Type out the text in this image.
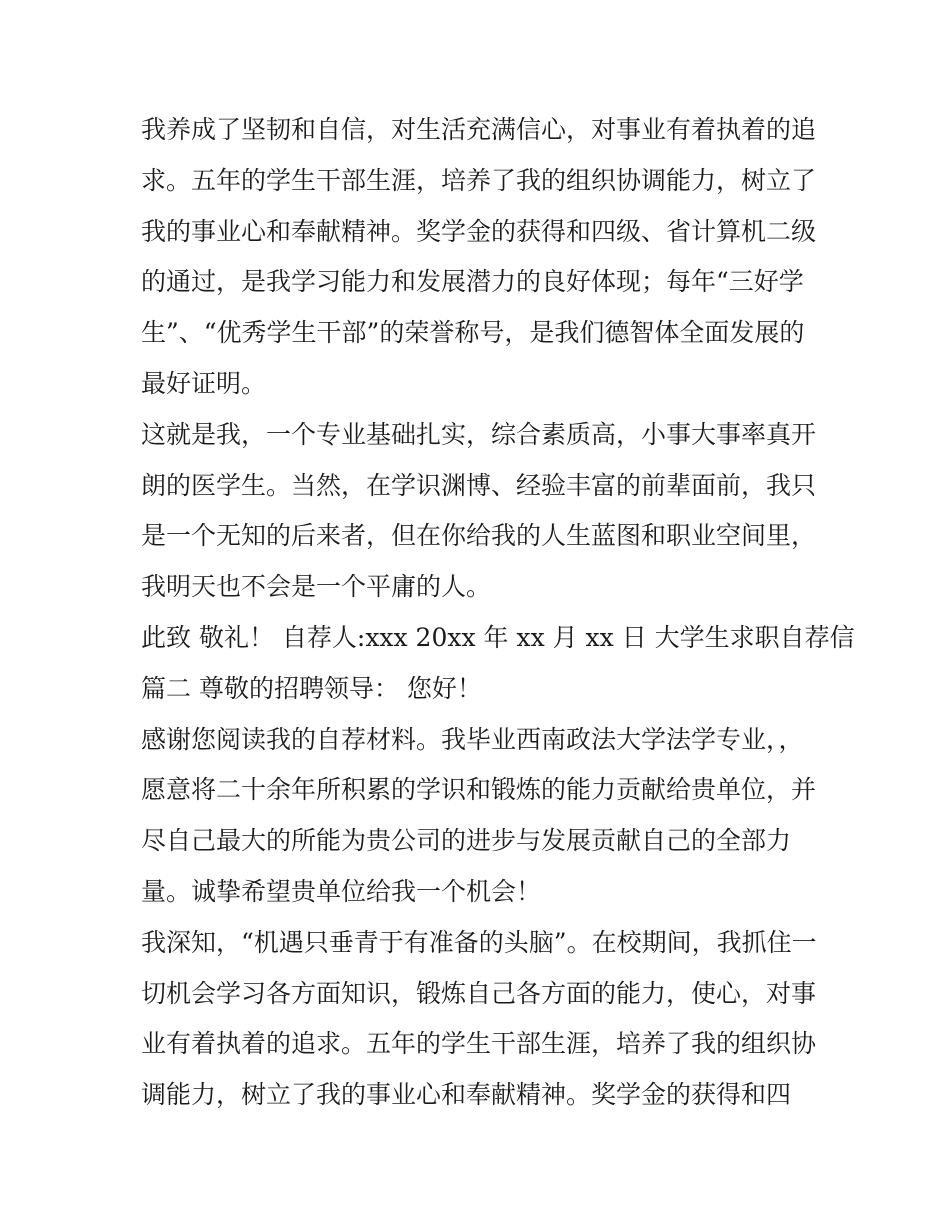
我养成了坚韧和自信，对生活充满信心，对事业有着执着的追

求。五年的学生干部生涯，培养了我的组织协调能力，树立了

我的事业心和奉献精神。奖学金的获得和四级、省计算机二级

的通过，是我学习能力和发展潜力的良好体现；每年“三好学

生”、“优秀学生干部”的荣誉称号，是我们德智体全面发展的

最好证明。

这就是我，一个专业基础扎实，综合素质高，小事大事率真开

朗的医学生。当然，在学识渊博、经验丰富的前辈面前，我只

是一个无知的后来者，但在你给我的人生蓝图和职业空间里，

我明天也不会是一个平庸的人。

此致 敬礼！ 自荐人:xxx 20xx 年 xx 月 xx 日 大学生求职自荐信

篇二 尊敬的招聘领导： 您好！

感谢您阅读我的自荐材料。我毕业西南政法大学法学专业，，

愿意将二十余年所积累的学识和锻炼的能力贡献给贵单位，并

尽自己最大的所能为贵公司的进步与发展贡献自己的全部力

量。诚挚希望贵单位给我一个机会！

我深知，“机遇只垂青于有准备的头脑”。在校期间，我抓住一

切机会学习各方面知识，锻炼自己各方面的能力，使心，对事

业有着执着的追求。五年的学生干部生涯，培养了我的组织协

调能力，树立了我的事业心和奉献精神。奖学金的获得和四
